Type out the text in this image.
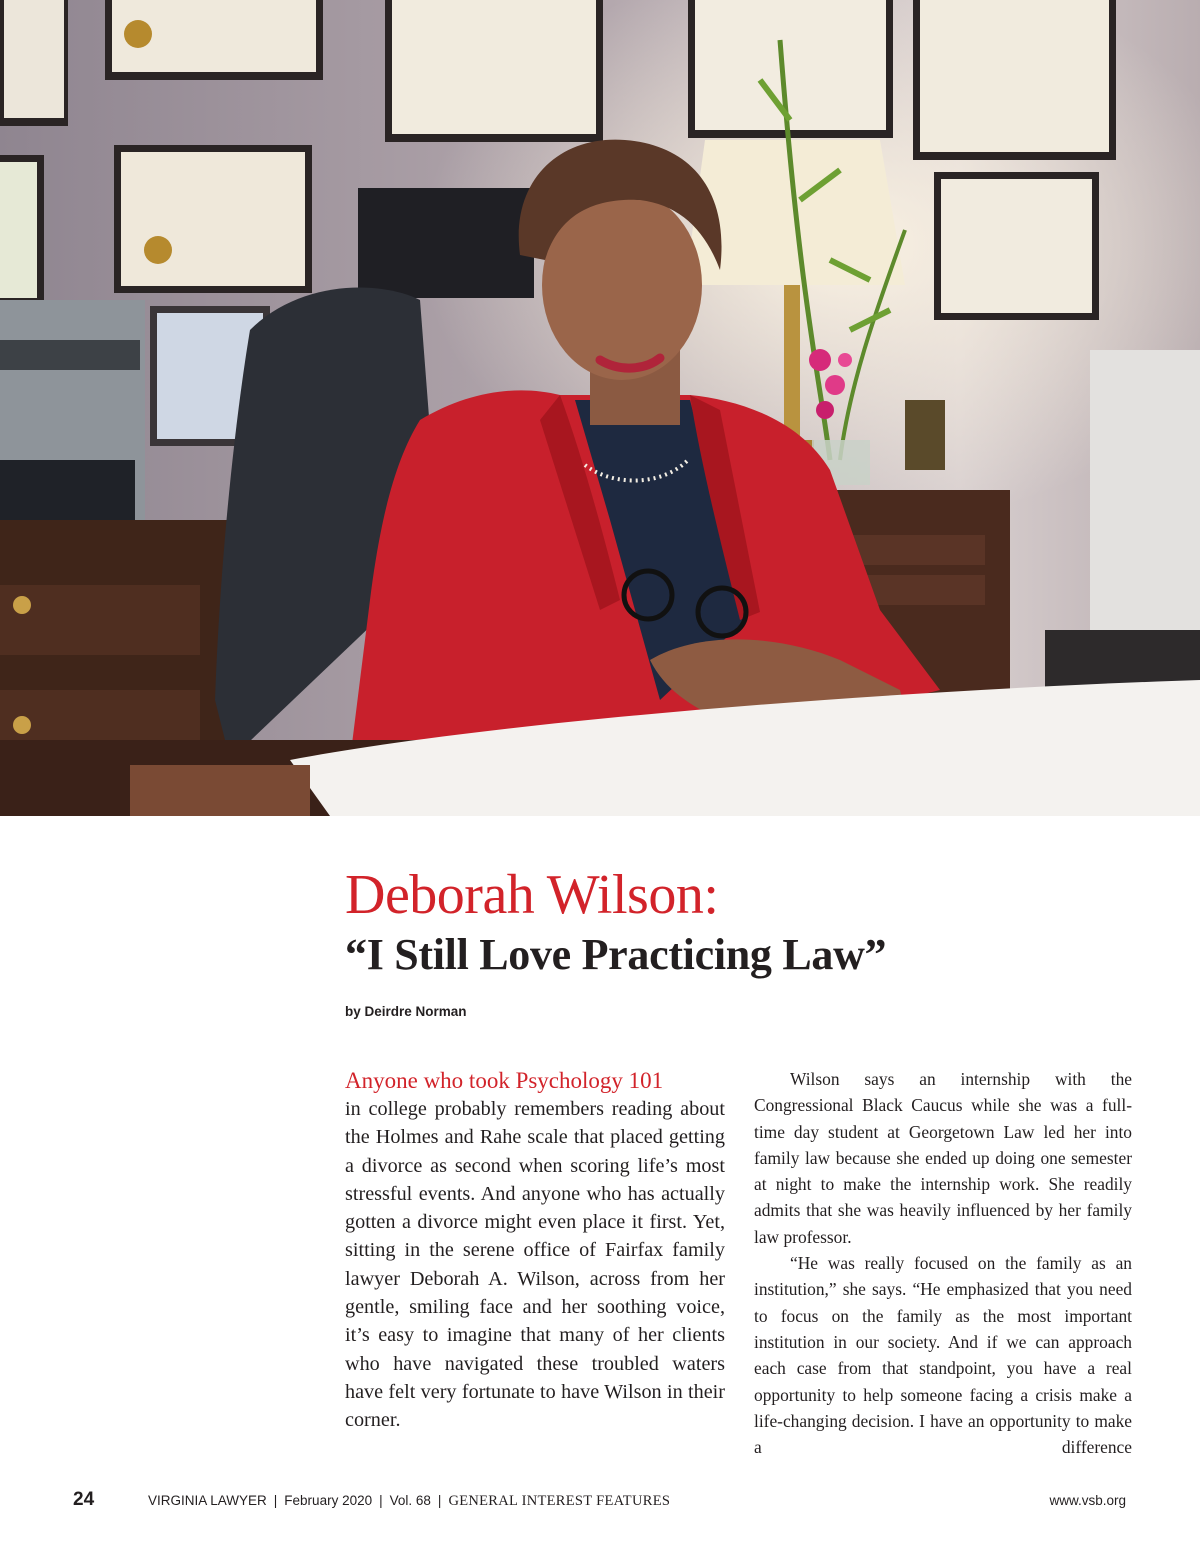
Deborah Wilson:
“I Still Love Practicing Law”
by Deirdre Norman

Anyone who took Psychology 101

in college probably remembers reading about the Holmes and Rahe scale that placed getting a divorce as second when scoring life’s most stressful events. And anyone who has actually gotten a divorce might even place it first. Yet, sitting in the serene office of Fairfax family lawyer Deborah A. Wilson, across from her gentle, smiling face and her soothing voice, it’s easy to imagine that many of her clients who have navigated these troubled waters have felt very fortunate to have Wilson in their corner.

Wilson says an internship with the Congressional Black Caucus while she was a full-time day student at Georgetown Law led her into family law because she ended up doing one semester at night to make the internship work. She readily admits that she was heavily influenced by her family law professor.

“He was really focused on the family as an institution,” she says. “He emphasized that you need to focus on the family as the most important institution in our society. And if we can approach each case from that standpoint, you have a real opportunity to help someone facing a crisis make a life-changing decision. I have an opportunity to make a difference

24	VIRGINIA LAWYER | February 2020 | Vol. 68 | GENERAL INTEREST FEATURES	www.vsb.org
